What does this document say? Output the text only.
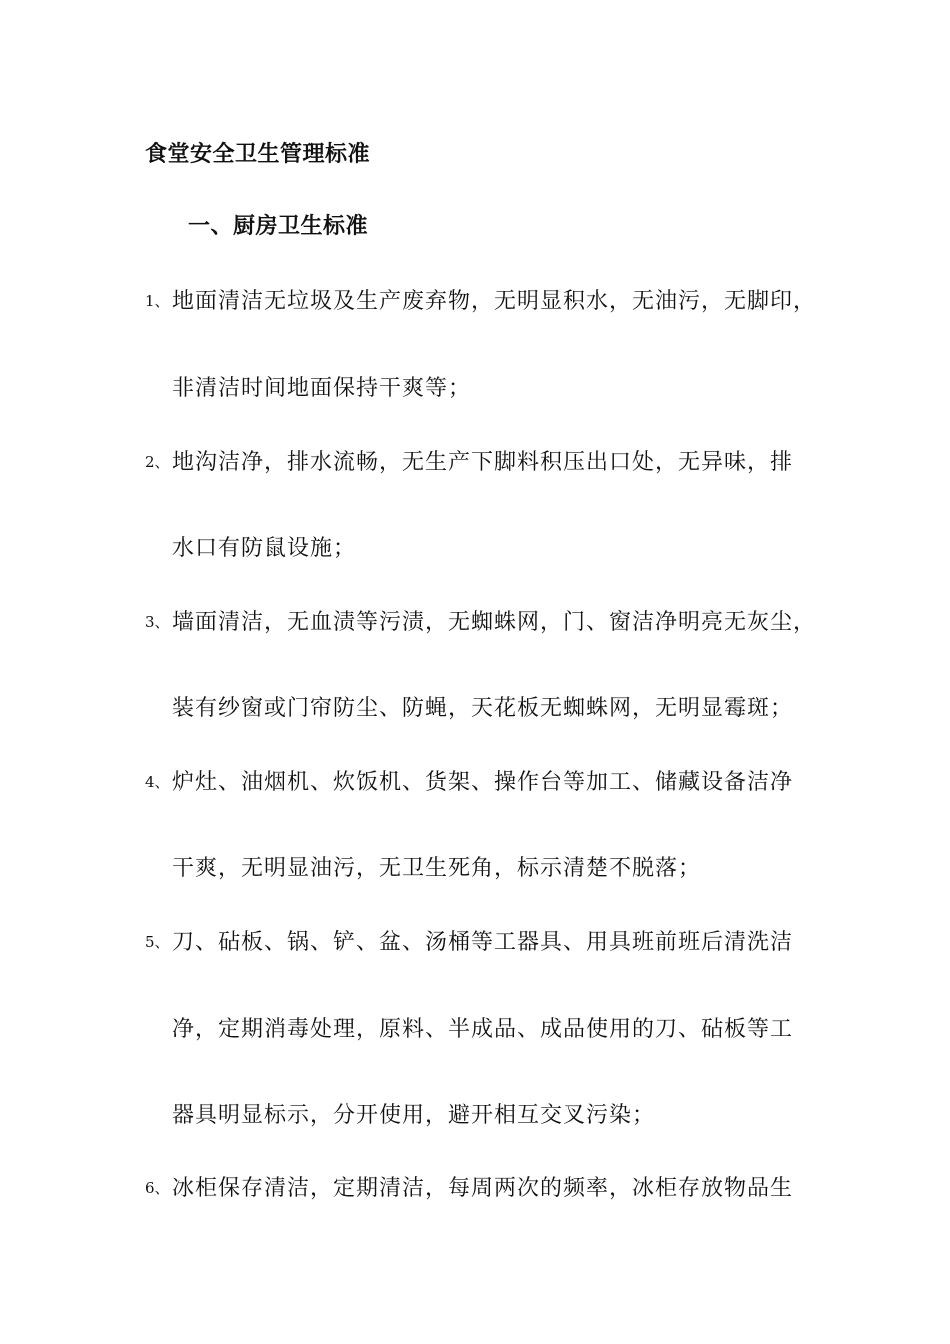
食堂安全卫生管理标准
一、厨房卫生标准
1、 地面清洁无垃圾及生产废弃物，无明显积水，无油污，无脚印，
非清洁时间地面保持干爽等；
2、 地沟洁净，排水流畅，无生产下脚料积压出口处，无异味，排
水口有防鼠设施；
3、 墙面清洁，无血渍等污渍，无蜘蛛网，门、窗洁净明亮无灰尘，
装有纱窗或门帘防尘、防蝇，天花板无蜘蛛网，无明显霉斑；
4、 炉灶、油烟机、炊饭机、货架、操作台等加工、储藏设备洁净
干爽，无明显油污，无卫生死角，标示清楚不脱落；
5、 刀、砧板、锅、铲、盆、汤桶等工器具、用具班前班后清洗洁
净，定期消毒处理，原料、半成品、成品使用的刀、砧板等工
器具明显标示，分开使用，避开相互交叉污染；
6、 冰柜保存清洁，定期清洁，每周两次的频率，冰柜存放物品生
